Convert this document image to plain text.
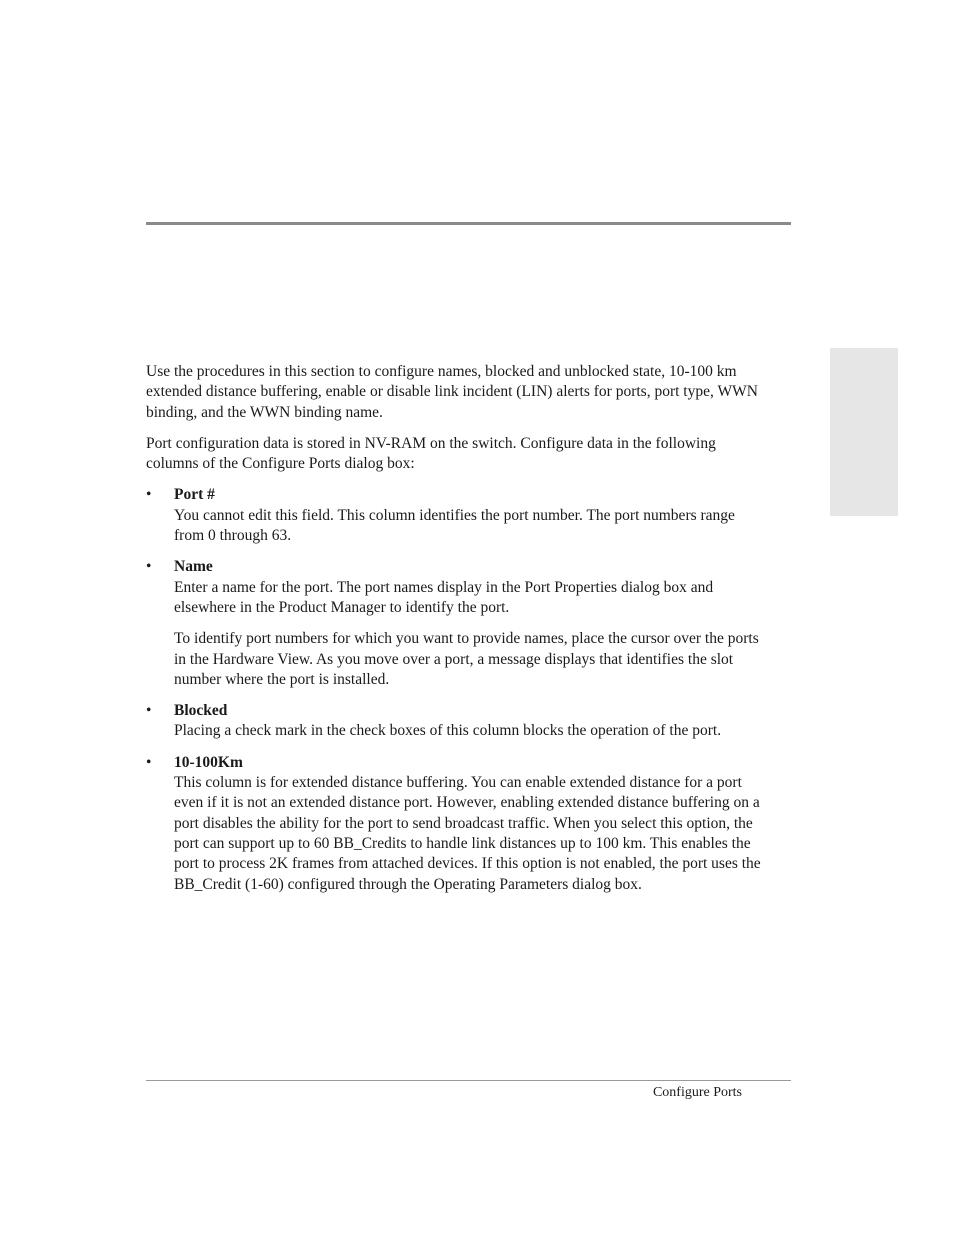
Use the procedures in this section to configure names, blocked and unblocked state, 10-100 km extended distance buffering, enable or disable link incident (LIN) alerts for ports, port type, WWN binding, and the WWN binding name.

Port configuration data is stored in NV-RAM on the switch. Configure data in the following columns of the Configure Ports dialog box:

• Port #

You cannot edit this field. This column identifies the port number. The port numbers range from 0 through 63.

• Name

Enter a name for the port. The port names display in the Port Properties dialog box and elsewhere in the Product Manager to identify the port.

To identify port numbers for which you want to provide names, place the cursor over the ports in the Hardware View. As you move over a port, a message displays that identifies the slot number where the port is installed.

• Blocked

Placing a check mark in the check boxes of this column blocks the operation of the port.

• 10-100Km

This column is for extended distance buffering. You can enable extended distance for a port even if it is not an extended distance port. However, enabling extended distance buffering on a port disables the ability for the port to send broadcast traffic. When you select this option, the port can support up to 60 BB_Credits to handle link distances up to 100 km. This enables the port to process 2K frames from attached devices. If this option is not enabled, the port uses the BB_Credit (1-60) configured through the Operating Parameters dialog box.

Configure Ports
